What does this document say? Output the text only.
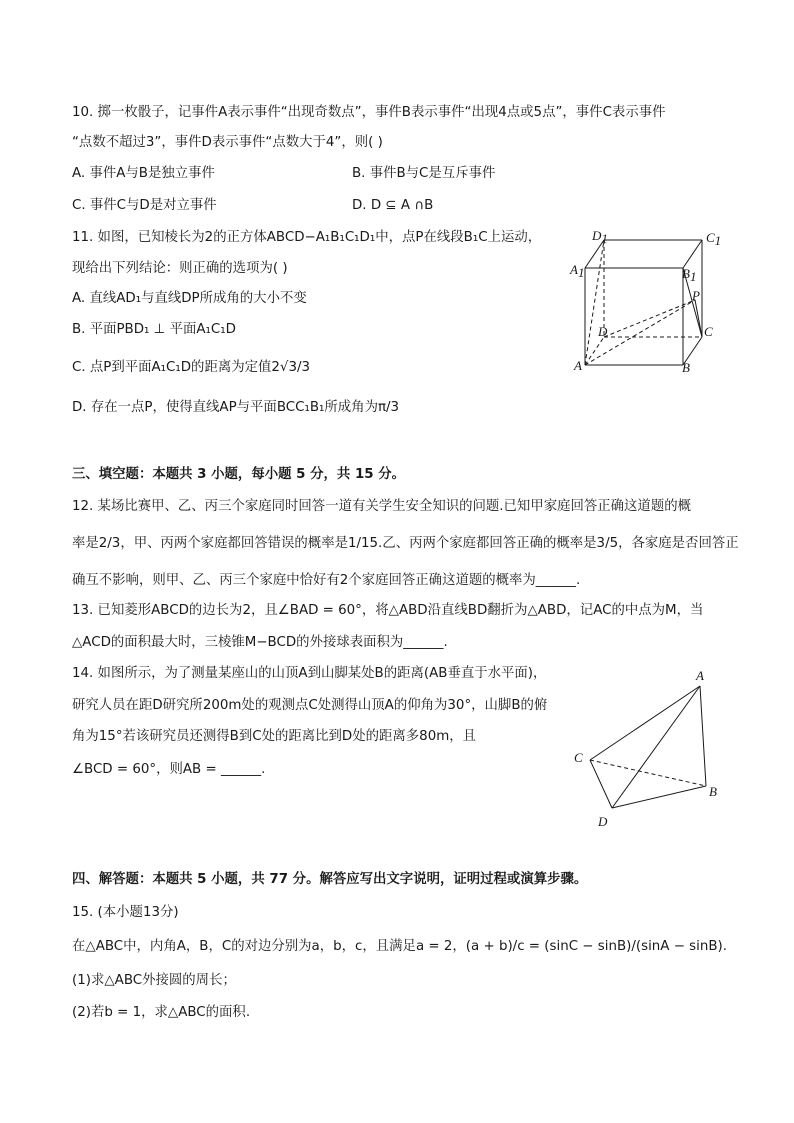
10. 掷一枚骰子，记事件A表示事件“出现奇数点”，事件B表示事件“出现4点或5点”，事件C表示事件
“点数不超过3”，事件D表示事件“点数大于4”，则( )
A. 事件A与B是独立事件	B. 事件B与C是互斥事件
C. 事件C与D是对立事件	D. D ⊆ A ∩B
11. 如图，已知棱长为2的正方体ABCD−A₁B₁C₁D₁中，点P在线段B₁C上运动，
现给出下列结论：则正确的选项为( )
A. 直线AD₁与直线DP所成角的大小不变
B. 平面PBD₁ ⊥ 平面A₁C₁D
C. 点P到平面A₁C₁D的距离为定值2√3/3
D. 存在一点P，使得直线AP与平面BCC₁B₁所成角为π/3
D1	C1
A1	B1
P
D	C
A	B
三、填空题：本题共 3 小题，每小题 5 分，共 15 分。
12. 某场比赛甲、乙、丙三个家庭同时回答一道有关学生安全知识的问题.已知甲家庭回答正确这道题的概
率是2/3，甲、丙两个家庭都回答错误的概率是1/15.乙、丙两个家庭都回答正确的概率是3/5，各家庭是否回答正
确互不影响，则甲、乙、丙三个家庭中恰好有2个家庭回答正确这道题的概率为______.
13. 已知菱形ABCD的边长为2，且∠BAD = 60°，将△ABD沿直线BD翻折为△ABD，记AC的中点为M，当
△ACD的面积最大时，三棱锥M−BCD的外接球表面积为______.
14. 如图所示，为了测量某座山的山顶A到山脚某处B的距离(AB垂直于水平面)，
研究人员在距D研究所200m处的观测点C处测得山顶A的仰角为30°，山脚B的俯
角为15°若该研究员还测得B到C处的距离比到D处的距离多80m，且
∠BCD = 60°，则AB = ______.
A
B
C
D
四、解答题：本题共 5 小题，共 77 分。解答应写出文字说明，证明过程或演算步骤。
15. (本小题13分)
在△ABC中，内角A，B，C的对边分别为a，b，c，且满足a = 2，(a + b)/c = (sinC − sinB)/(sinA − sinB).
(1)求△ABC外接圆的周长；
(2)若b = 1，求△ABC的面积.
